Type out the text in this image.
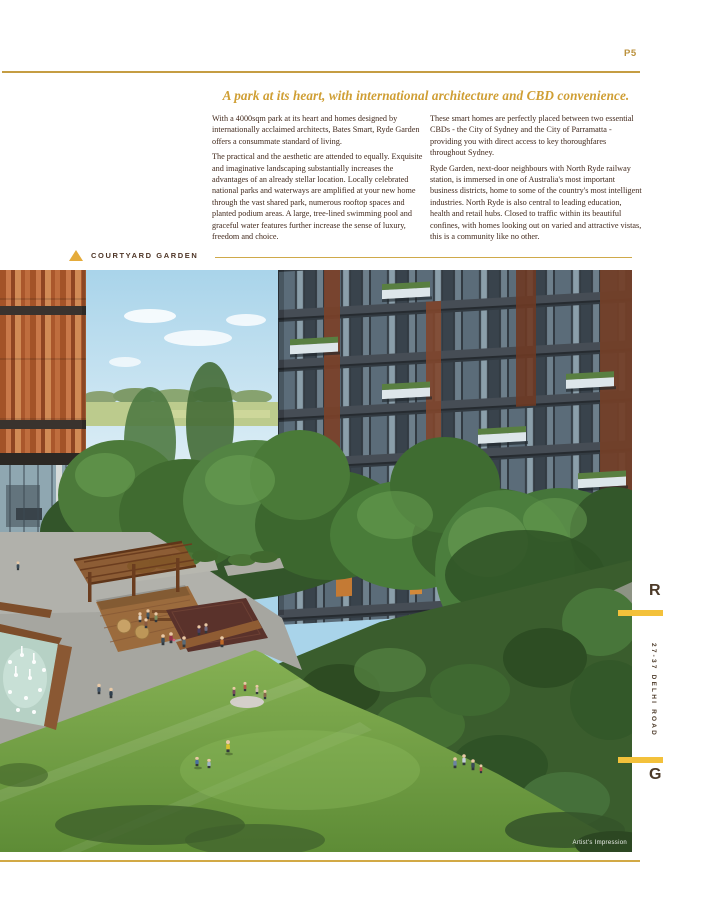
P5
A park at its heart, with international architecture and CBD convenience.

With a 4000sqm park at its heart and homes designed by internationally acclaimed architects, Bates Smart, Ryde Garden offers a consummate standard of living.

The practical and the aesthetic are attended to equally. Exquisite and imaginative landscaping substantially increases the advantages of an already stellar location. Locally celebrated national parks and waterways are amplified at your new home through the vast shared park, numerous rooftop spaces and planted podium areas. A large, tree-lined swimming pool and graceful water features further increase the sense of luxury, freedom and choice.

These smart homes are perfectly placed between two essential CBDs - the City of Sydney and the City of Parramatta - providing you with direct access to key thoroughfares throughout Sydney.

Ryde Garden, next-door neighbours with North Ryde railway station, is immersed in one of Australia's most important business districts, home to some of the country's most intelligent industries. North Ryde is also central to leading education, health and retail hubs. Closed to traffic within its beautiful confines, with homes looking out on varied and attractive vistas, this is a community like no other.

COURTYARD GARDEN
Artist's Impression
R
27-37 DELHI ROAD
G
